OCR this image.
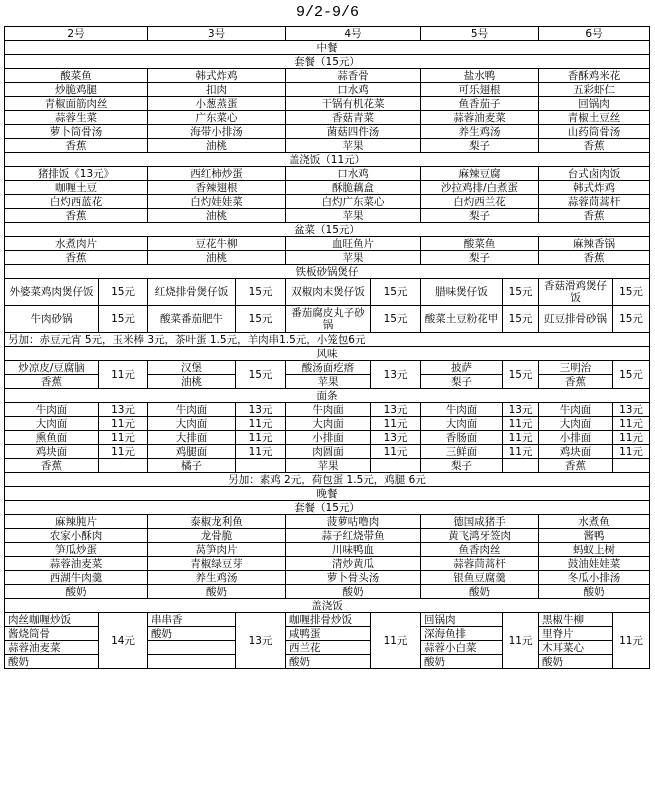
9/2-9/6
2号		3号		4号		5号		6号	
中餐									
套餐（15元）									
酸菜鱼		韩式炸鸡		蒜香骨		盐水鸭		香酥鸡米花	
炒脆鸡腿		扣肉		口水鸡		可乐翅根		五彩虾仁	
青椒面筋肉丝		小葱蒸蛋		干锅有机花菜		鱼香茄子		回锅肉	
蒜蓉生菜		广东菜心		香菇青菜		蒜蓉油麦菜		青椒土豆丝	
萝卜筒骨汤		海带小排汤		菌菇四件汤		养生鸡汤		山药筒骨汤	
香蕉		油桃		苹果		梨子		香蕉	
盖浇饭（11元）									
猪排饭《13元》		西红柿炒蛋		口水鸡		麻辣豆腐		台式卤肉饭	
咖喱土豆		香辣翅根		酥脆藕盒		沙拉鸡排/白煮蛋		韩式炸鸡	
白灼西蓝花		白灼娃娃菜		白灼广东菜心		白灼西兰花		蒜蓉茼蒿杆	
香蕉		油桃		苹果		梨子		香蕉	
盆菜（15元）									
水煮肉片		豆花牛柳		血旺鱼片		酸菜鱼		麻辣香锅	
香蕉		油桃		苹果		梨子		香蕉	
铁板砂锅煲仔									
外婆菜鸡肉煲仔饭	15元	红烧排骨煲仔饭	15元	双椒肉末煲仔饭	15元	腊味煲仔饭	15元	香菇滑鸡煲仔饭	15元
牛肉砂锅	15元	酸菜番茄肥牛	15元	番茄腐皮丸子砂锅	15元	酸菜土豆粉花甲	15元	豇豆排骨砂锅	15元
另加：赤豆元宵 5元，玉米棒 3元，茶叶蛋 1.5元，羊肉串1.5元，小笼包6元									
风味									
炒凉皮/豆腐脑	11元	汉堡	15元	酸汤面疙瘩	13元	披萨	15元	三明治	15元
香蕉		油桃		苹果		梨子		香蕉	
面条									
牛肉面	13元	牛肉面	13元	牛肉面	13元	牛肉面	13元	牛肉面	13元
大肉面	11元	大肉面	11元	大肉面	11元	大肉面	11元	大肉面	11元
熏鱼面	11元	大排面	11元	小排面	13元	香肠面	11元	小排面	11元
鸡块面	11元	鸡腿面	11元	肉圆面	11元	三鲜面	11元	鸡块面	11元
香蕉		橘子		苹果		梨子		香蕉	
另加：素鸡 2元，荷包蛋 1.5元，鸡腿 6元									
晚餐									
套餐（15元）									
麻辣肫片		泰椒龙利鱼		菠萝咕噜肉		德国咸猪手		水煮鱼	
农家小酥肉		龙骨脆		蒜子红烧带鱼		黄飞鸿牙签肉		酱鸭	
笋瓜炒蛋		莴笋肉片		川味鸭血		鱼香肉丝		蚂蚁上树	
蒜蓉油麦菜		青椒绿豆芽		清炒黄瓜		蒜蓉茼蒿杆		鼓油娃娃菜	
西湖牛肉羹		养生鸡汤		萝卜骨头汤		银鱼豆腐羹		冬瓜小排汤	
酸奶		酸奶		酸奶		酸奶		酸奶	
盖浇饭									
肉丝咖喱炒饭	14元	串串香	13元	咖喱排骨炒饭	11元	回锅肉	11元	黑椒牛柳	11元
酱烧筒骨		酸奶		咸鸭蛋		深海鱼排		里脊片	
蒜蓉油麦菜				西兰花		蒜蓉小白菜		木耳菜心	
酸奶				酸奶		酸奶		酸奶	
